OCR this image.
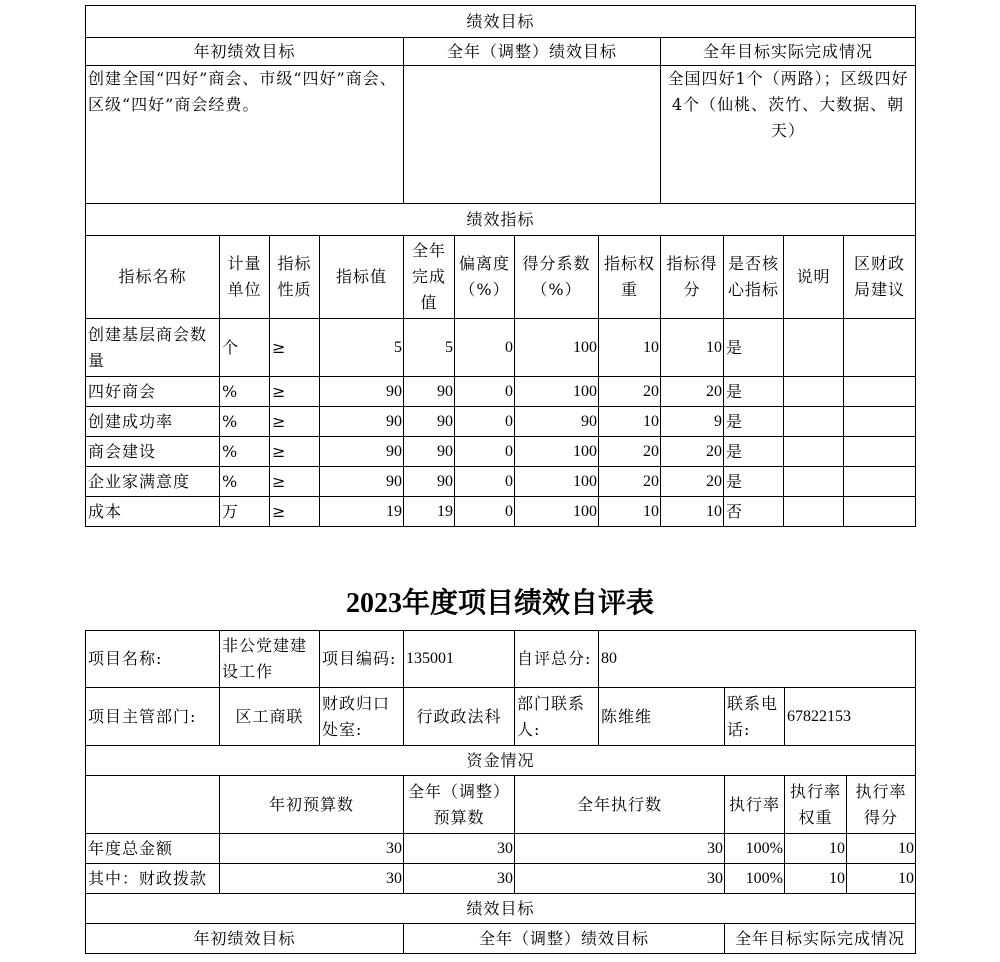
绩效目标											
年初绩效目标				全年（调整）绩效目标				全年目标实际完成情况			
创建全国“四好”商会、市级“四好”商会、区级“四好”商会经费。								全国四好1个（两路）；区级四好4个（仙桃、茨竹、大数据、朝天）			
绩效指标											
指标名称	计量单位	指标性质	指标值	全年完成值	偏离度（%）	得分系数（%）	指标权重	指标得分	是否核心指标	说明	区财政局建议
创建基层商会数量	个	≥	5	5	0	100	10	10	是		
四好商会	%	≥	90	90	0	100	20	20	是		
创建成功率	%	≥	90	90	0	90	10	9	是		
商会建设	%	≥	90	90	0	100	20	20	是		
企业家满意度	%	≥	90	90	0	100	20	20	是		
成本	万	≥	19	19	0	100	10	10	否		
2023年度项目绩效自评表
项目名称:	非公党建建设工作	项目编码:	135001	自评总分:	80			
项目主管部门:	区工商联	财政归口处室:	行政政法科	部门联系人:	陈维维	联系电话:	67822153	
资金情况								
	年初预算数		全年（调整）预算数	全年执行数		执行率	执行率权重	执行率得分
年度总金额	30		30	30		100%	10	10
其中：财政拨款	30		30	30		100%	10	10
绩效目标								
年初绩效目标			全年（调整）绩效目标			全年目标实际完成情况		
